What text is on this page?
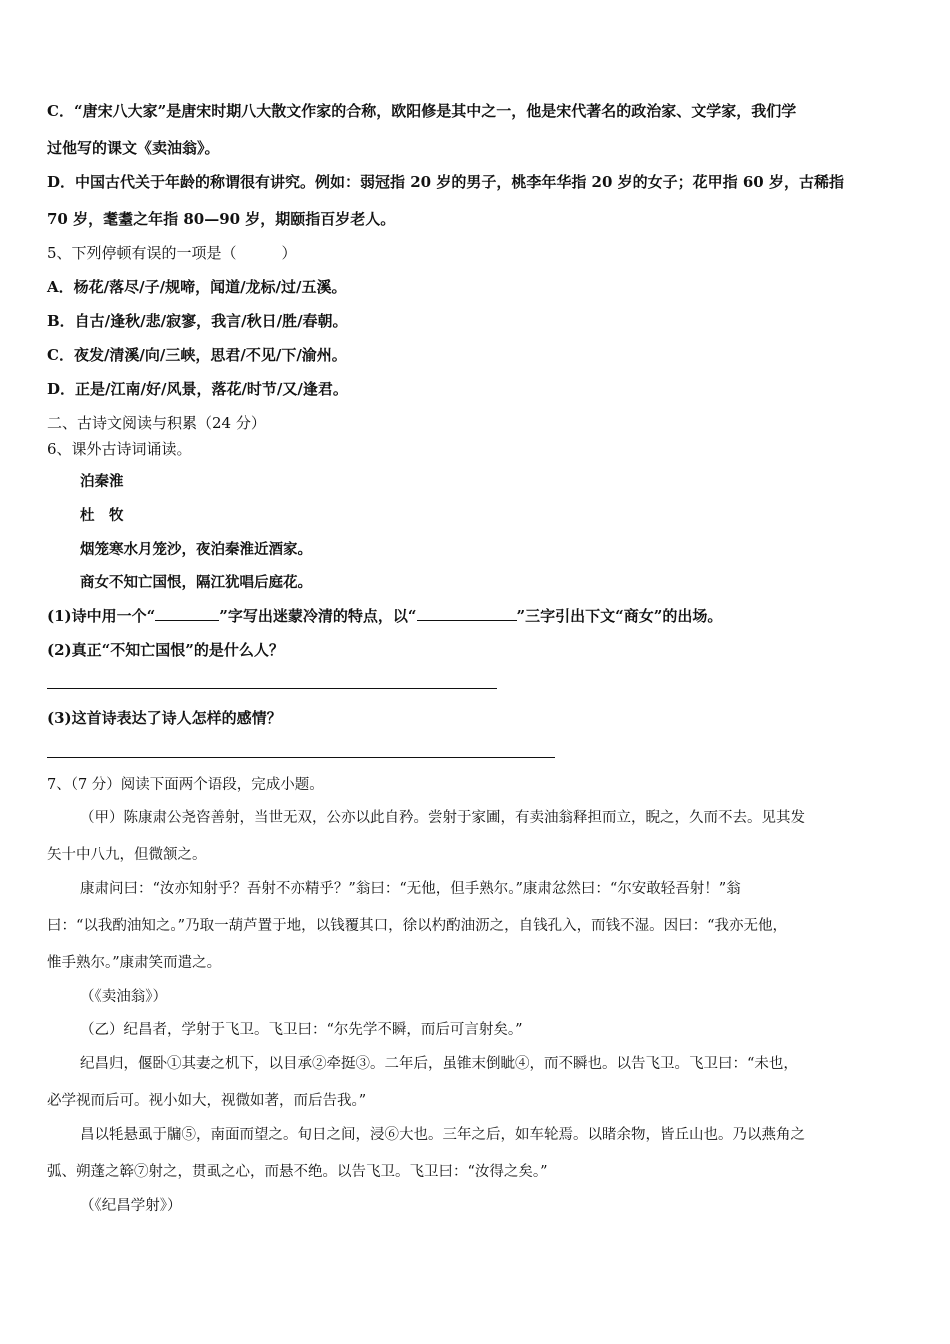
C．“唐宋八大家”是唐宋时期八大散文作家的合称，欧阳修是其中之一，他是宋代著名的政治家、文学家，我们学
过他写的课文《卖油翁》。
D．中国古代关于年龄的称谓很有讲究。例如：弱冠指 20 岁的男子，桃李年华指 20 岁的女子；花甲指 60 岁，古稀指
70 岁，耄耋之年指 80—90 岁，期颐指百岁老人。
5、下列停顿有误的一项是（　　　）
A．杨花/落尽/子/规啼，闻道/龙标/过/五溪。
B．自古/逢秋/悲/寂寥，我言/秋日/胜/春朝。
C．夜发/清溪/向/三峡，思君/不见/下/渝州。
D．正是/江南/好/风景，落花/时节/又/逢君。
二、古诗文阅读与积累（24 分）
6、课外古诗词诵读。
泊秦淮
杜　牧
烟笼寒水月笼沙，夜泊秦淮近酒家。
商女不知亡国恨，隔江犹唱后庭花。
(1)诗中用一个“	”字写出迷蒙冷清的特点，以“	”三字引出下文“商女”的出场。
(2)真正“不知亡国恨”的是什么人？
(3)这首诗表达了诗人怎样的感情？
7、（7 分）阅读下面两个语段，完成小题。
（甲）陈康肃公尧咨善射，当世无双，公亦以此自矜。尝射于家圃，有卖油翁释担而立，睨之，久而不去。见其发
矢十中八九，但微颔之。
康肃问曰：“汝亦知射乎？吾射不亦精乎？”翁曰：“无他，但手熟尔。”康肃忿然曰：“尔安敢轻吾射！”翁
曰：“以我酌油知之。”乃取一葫芦置于地，以钱覆其口，徐以杓酌油沥之，自钱孔入，而钱不湿。因曰：“我亦无他，
惟手熟尔。”康肃笑而遣之。
（《卖油翁》）
（乙）纪昌者，学射于飞卫。飞卫曰：“尔先学不瞬，而后可言射矣。”
纪昌归，偃卧①其妻之机下，以目承②牵挺③。二年后，虽锥末倒眦④，而不瞬也。以告飞卫。飞卫曰：“未也，
必学视而后可。视小如大，视微如著，而后告我。”
昌以牦悬虱于牖⑤，南面而望之。旬日之间，浸⑥大也。三年之后，如车轮焉。以睹余物，皆丘山也。乃以燕角之
弧、朔蓬之簳⑦射之，贯虱之心，而悬不绝。以告飞卫。飞卫曰：“汝得之矣。”
（《纪昌学射》）
